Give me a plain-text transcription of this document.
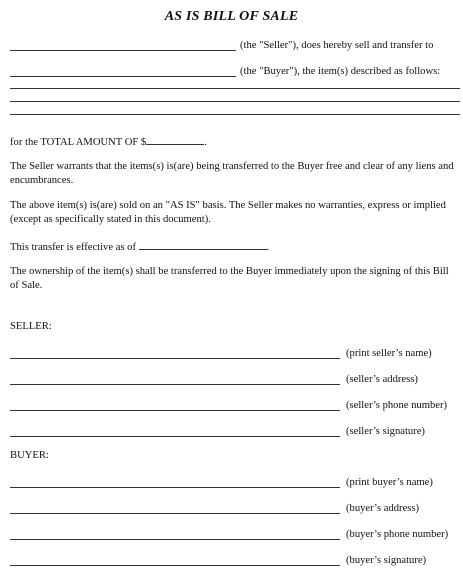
AS IS BILL OF SALE
(the "Seller"), does hereby sell and transfer to
(the "Buyer"), the item(s) described as follows:
for the TOTAL AMOUNT OF $	.
The Seller warrants that the items(s) is(are) being transferred to the Buyer free and clear of any liens and encumbrances.
The above item(s) is(are) sold on an "AS IS" basis. The Seller makes no warranties, express or implied (except as specifically stated in this document).
This transfer is effective as of	.
The ownership of the item(s) shall be transferred to the Buyer immediately upon the signing of this Bill of Sale.
SELLER:
(print seller’s name)
(seller’s address)
(seller’s phone number)
(seller’s signature)
BUYER:
(print buyer’s name)
(buyer’s address)
(buyer’s phone number)
(buyer’s signature)
